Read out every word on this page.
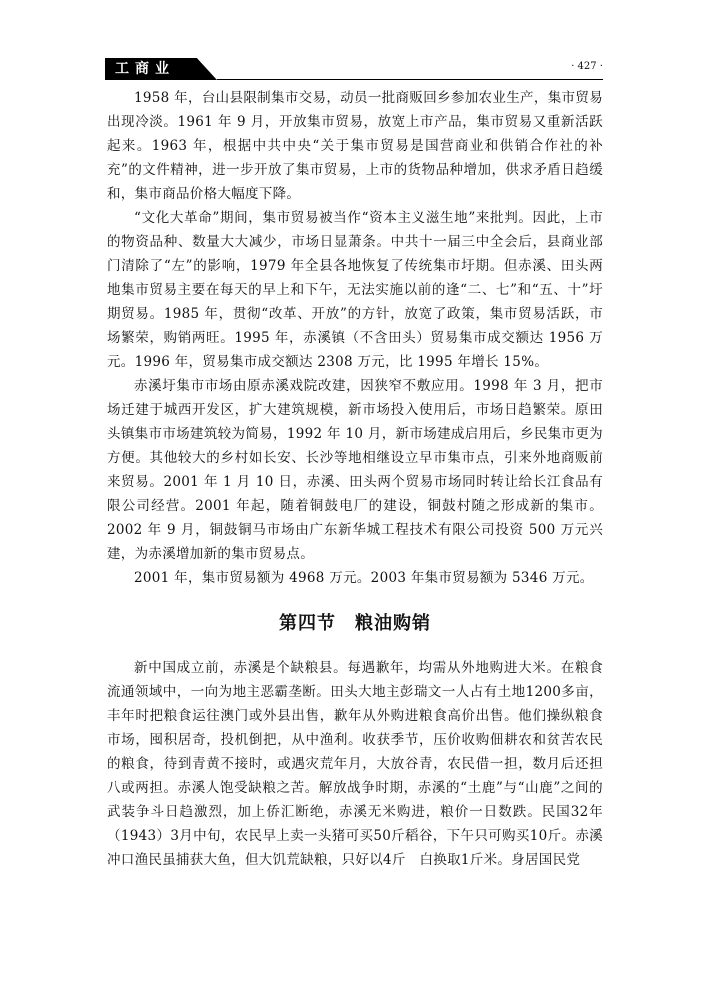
工商业	· 427 ·

1958 年，台山县限制集市交易，动员一批商贩回乡参加农业生产，集市贸易出现冷淡。1961 年 9 月，开放集市贸易，放宽上市产品，集市贸易又重新活跃起来。1963 年，根据中共中央“关于集市贸易是国营商业和供销合作社的补充”的文件精神，进一步开放了集市贸易，上市的货物品种增加，供求矛盾日趋缓和，集市商品价格大幅度下降。

“文化大革命”期间，集市贸易被当作“资本主义滋生地”来批判。因此，上市的物资品种、数量大大减少，市场日显萧条。中共十一届三中全会后，县商业部门清除了“左”的影响，1979 年全县各地恢复了传统集市圩期。但赤溪、田头两地集市贸易主要在每天的早上和下午，无法实施以前的逢“二、七”和“五、十”圩期贸易。1985 年，贯彻“改革、开放”的方针，放宽了政策，集市贸易活跃，市场繁荣，购销两旺。1995 年，赤溪镇（不含田头）贸易集市成交额达 1956 万元。1996 年，贸易集市成交额达 2308 万元，比 1995 年增长 15%。

赤溪圩集市市场由原赤溪戏院改建，因狭窄不敷应用。1998 年 3 月，把市场迁建于城西开发区，扩大建筑规模，新市场投入使用后，市场日趋繁荣。原田头镇集市市场建筑较为简易，1992 年 10 月，新市场建成启用后，乡民集市更为方便。其他较大的乡村如长安、长沙等地相继设立早市集市点，引来外地商贩前来贸易。2001 年 1 月 10 日，赤溪、田头两个贸易市场同时转让给长江食品有限公司经营。2001 年起，随着铜鼓电厂的建设，铜鼓村随之形成新的集市。2002 年 9 月，铜鼓铜马市场由广东新华城工程技术有限公司投资 500 万元兴建，为赤溪增加新的集市贸易点。

2001 年，集市贸易额为 4968 万元。2003 年集市贸易额为 5346 万元。

第四节　粮油购销

新中国成立前，赤溪是个缺粮县。每遇歉年，均需从外地购进大米。在粮食流通领域中，一向为地主恶霸垄断。田头大地主彭瑞文一人占有土地1200多亩，丰年时把粮食运往澳门或外县出售，歉年从外购进粮食高价出售。他们操纵粮食市场，囤积居奇，投机倒把，从中渔利。收获季节，压价收购佃耕农和贫苦农民的粮食，待到青黄不接时，或遇灾荒年月，大放谷青，农民借一担，数月后还担八或两担。赤溪人饱受缺粮之苦。解放战争时期，赤溪的“土鹿”与“山鹿”之间的武装争斗日趋激烈，加上侨汇断绝，赤溪无米购进，粮价一日数跌。民国32年（1943）3月中旬，农民早上卖一头猪可买50斤稻谷，下午只可购买10斤。赤溪冲口渔民虽捕获大鱼，但大饥荒缺粮，只好以4斤　白换取1斤米。身居国民党
